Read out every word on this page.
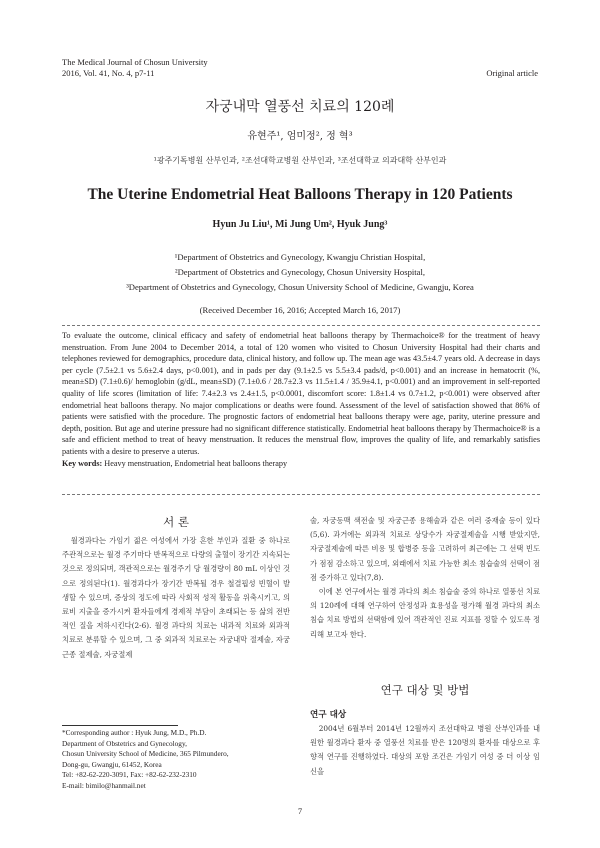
The Medical Journal of Chosun University
2016, Vol. 41, No. 4, p7-11	Original article
자궁내막 열풍선 치료의 120례
유현주¹, 엄미정², 정 혁³
¹광주기독병원 산부인과, ²조선대학교병원 산부인과, ³조선대학교 의과대학 산부인과
The Uterine Endometrial Heat Balloons Therapy in 120 Patients
Hyun Ju Liu¹, Mi Jung Um², Hyuk Jung³
¹Department of Obstetrics and Gynecology, Kwangju Christian Hospital,
²Department of Obstetrics and Gynecology, Chosun University Hospital,
³Department of Obstetrics and Gynecology, Chosun University School of Medicine, Gwangju, Korea
(Received December 16, 2016; Accepted March 16, 2017)

To evaluate the outcome, clinical efficacy and safety of endometrial heat balloons therapy by Thermachoice® for the treatment of heavy menstruation. From June 2004 to December 2014, a total of 120 women who visited to Chosun University Hospital had their charts and telephones reviewed for demographics, procedure data, clinical history, and follow up. The mean age was 43.5±4.7 years old. A decrease in days per cycle (7.5±2.1 vs 5.6±2.4 days, p<0.001), and in pads per day (9.1±2.5 vs 5.5±3.4 pads/d, p<0.001) and an increase in hematocrit (%, mean±SD) (7.1±0.6)/ hemoglobin (g/dL, mean±SD) (7.1±0.6 / 28.7±2.3 vs 11.5±1.4 / 35.9±4.1, p<0.001) and an improvement in self-reported quality of life scores (limitation of life: 7.4±2.3 vs 2.4±1.5, p<0.0001, discomfort score: 1.8±1.4 vs 0.7±1.2, p<0.001) were observed after endometrial heat balloons therapy. No major complications or deaths were found. Assessment of the level of satisfaction showed that 86% of patients were satisfied with the procedure. The prognostic factors of endometrial heat balloons therapy were age, parity, uterine pressure and depth, position. But age and uterine pressure had no significant difference statistically. Endometrial heat balloons therapy by Thermachoice® is a safe and efficient method to treat of heavy menstruation. It reduces the menstrual flow, improves the quality of life, and remarkably satisfies patients with a desire to preserve a uterus.

Key words: Heavy menstruation, Endometrial heat balloons therapy

서 론

월경과다는 가임기 젊은 여성에서 가장 흔한 부인과 질환 중 하나로 주관적으로는 월경 주기마다 반복적으로 다량의 출혈이 장기간 지속되는 것으로 정의되며, 객관적으로는 월경주기 당 월경량이 80 mL 이상인 것으로 정의된다(1). 월경과다가 장기간 반복될 경우 철결핍성 빈혈이 발생할 수 있으며, 증상의 정도에 따라 사회적 성적 활동을 위축시키고, 의료비 지출을 증가시켜 환자들에게 경제적 부담이 초래되는 등 삶의 전반적인 질을 저하시킨다(2-6). 월경 과다의 치료는 내과적 치료와 외과적 치료로 분류할 수 있으며, 그 중 외과적 치료로는 자궁내막 절제술, 자궁근종 절제술, 자궁절제

*Corresponding author : Hyuk Jung, M.D., Ph.D.
Department of Obstetrics and Gynecology,
Chosun University School of Medicine, 365 Pilmundero,
Dong-gu, Gwangju, 61452, Korea
Tel: +82-62-220-3091, Fax: +82-62-232-2310
E-mail: bimilo@hanmail.net

술, 자궁동맥 색전술 및 자궁근종 용해술과 같은 여러 중재술 등이 있다(5,6). 과거에는 외과적 치료로 상당수가 자궁절제술을 시행 받았지만, 자궁절제술에 따른 비용 및 합병증 등을 고려하여 최근에는 그 선택 빈도가 점점 감소하고 있으며, 외래에서 치료 가능한 최소 침습술의 선택이 점점 증가하고 있다(7,8).

이에 본 연구에서는 월경 과다의 최소 침습술 중의 하나로 열풍선 치료의 120례에 대해 연구하여 안정성과 효용성을 평가해 월경 과다의 최소 침습 치료 방법의 선택함에 있어 객관적인 진료 지표를 정할 수 있도록 정리해 보고자 한다.

연구 대상 및 방법
연구 대상

2004년 6월부터 2014년 12월까지 조선대학교 병원 산부인과를 내원한 월경과다 환자 중 열풍선 치료를 받은 120명의 환자를 대상으로 후향적 연구를 진행하였다. 대상의 포함 조건은 가임기 여성 중 더 이상 임신을

7
